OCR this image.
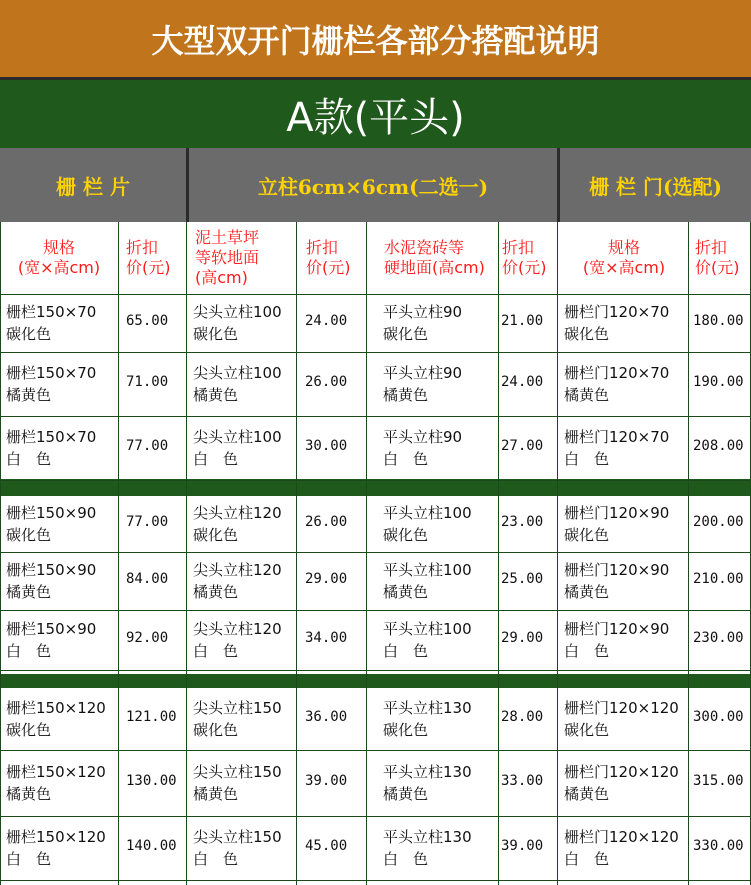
大型双开门栅栏各部分搭配说明
A款(平头)
栅 栏 片	立柱6cm×6cm(二选一)	栅 栏 门(选配)
规格
(宽×高cm)
折扣
价(元)
泥土草坪
等软地面
(高cm)
折扣
价(元)
水泥瓷砖等
硬地面(高cm)
折扣
价(元)
规格
(宽×高cm)
折扣
价(元)
栅栏150×70
碳化色
65.00 尖头立柱100
碳化色
24.00 平头立柱90
碳化色
21.00 栅栏门120×70
碳化色
180.00
栅栏150×70
橘黄色
71.00 尖头立柱100
橘黄色
26.00 平头立柱90
橘黄色
24.00 栅栏门120×70
橘黄色
190.00
栅栏150×70
白　色
77.00 尖头立柱100
白　色
30.00 平头立柱90
白　色
27.00 栅栏门120×70
白　色
208.00
栅栏150×90
碳化色
77.00 尖头立柱120
碳化色
26.00 平头立柱100
碳化色
23.00 栅栏门120×90
碳化色
200.00
栅栏150×90
橘黄色
84.00 尖头立柱120
橘黄色
29.00 平头立柱100
橘黄色
25.00 栅栏门120×90
橘黄色
210.00
栅栏150×90
白　色
92.00 尖头立柱120
白　色
34.00 平头立柱100
白　色
29.00 栅栏门120×90
白　色
230.00
栅栏150×120
碳化色
121.00 尖头立柱150
碳化色
36.00 平头立柱130
碳化色
28.00 栅栏门120×120
碳化色
300.00
栅栏150×120
橘黄色
130.00 尖头立柱150
橘黄色
39.00 平头立柱130
橘黄色
33.00 栅栏门120×120
橘黄色
315.00
栅栏150×120
白　色
140.00 尖头立柱150
白　色
45.00 平头立柱130
白　色
39.00 栅栏门120×120
白　色
330.00
